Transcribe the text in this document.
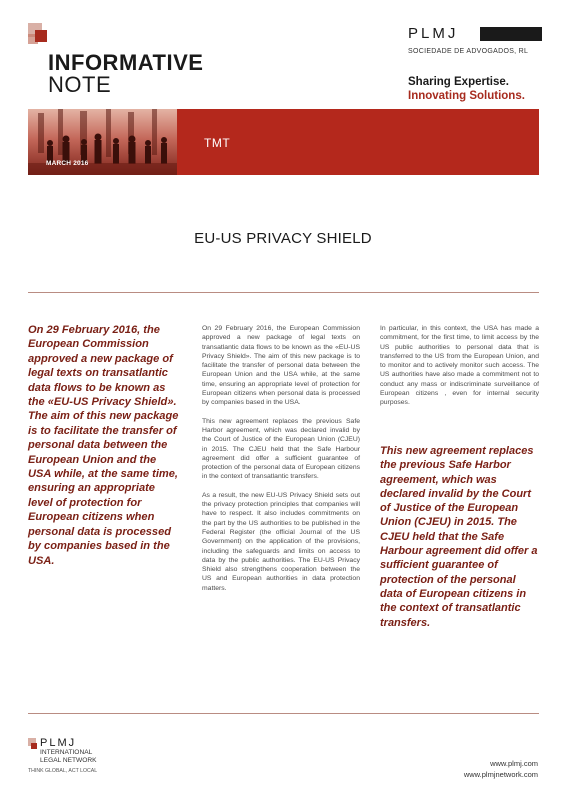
INFORMATIVE
NOTE
PLMJ
SOCIEDADE DE ADVOGADOS, RL
Sharing Expertise.
Innovating Solutions.
MARCH 2016
TMT
EU-US PRIVACY SHIELD
On 29 February 2016, the European Commission approved a new package of legal texts on transatlantic data flows to be known as the «EU-US Privacy Shield». The aim of this new package is to facilitate the transfer of personal data between the European Union and the USA while, at the same time, ensuring an appropriate level of protection for European citizens when personal data is processed by companies based in the USA.

On 29 February 2016, the European Commission approved a new package of legal texts on transatlantic data flows to be known as the «EU-US Privacy Shield». The aim of this new package is to facilitate the transfer of personal data between the European Union and the USA while, at the same time, ensuring an appropriate level of protection for European citizens when personal data is processed by companies based in the USA.

This new agreement replaces the previous Safe Harbor agreement, which was declared invalid by the Court of Justice of the European Union (CJEU) in 2015. The CJEU held that the Safe Harbour agreement did offer a sufficient guarantee of protection of the personal data of European citizens in the context of transatlantic transfers.

As a result, the new EU-US Privacy Shield sets out the privacy protection principles that companies will have to respect. It also includes commitments on the part by the US authorities to be published in the Federal Register (the official Journal of the US Government) on the application of the provisions, including the safeguards and limits on access to data by the public authorities. The EU-US Privacy Shield also strengthens cooperation between the US and European authorities in data protection matters.

In particular, in this context, the USA has made a commitment, for the first time, to limit access by the US public authorities to personal data that is transferred to the US from the European Union, and to monitor and to actively monitor such access. The US authorities have also made a commitment not to conduct any mass or indiscriminate surveillance of European citizens , even for internal security purposes.

This new agreement replaces the previous Safe Harbor agreement, which was declared invalid by the Court of Justice of the European Union (CJEU) in 2015. The CJEU held that the Safe Harbour agreement did offer a sufficient guarantee of protection of the personal data of European citizens in the context of transatlantic transfers.
PLMJ
INTERNATIONAL
LEGAL NETWORK
THINK GLOBAL, ACT LOCAL
www.plmj.com
www.plmjnetwork.com
